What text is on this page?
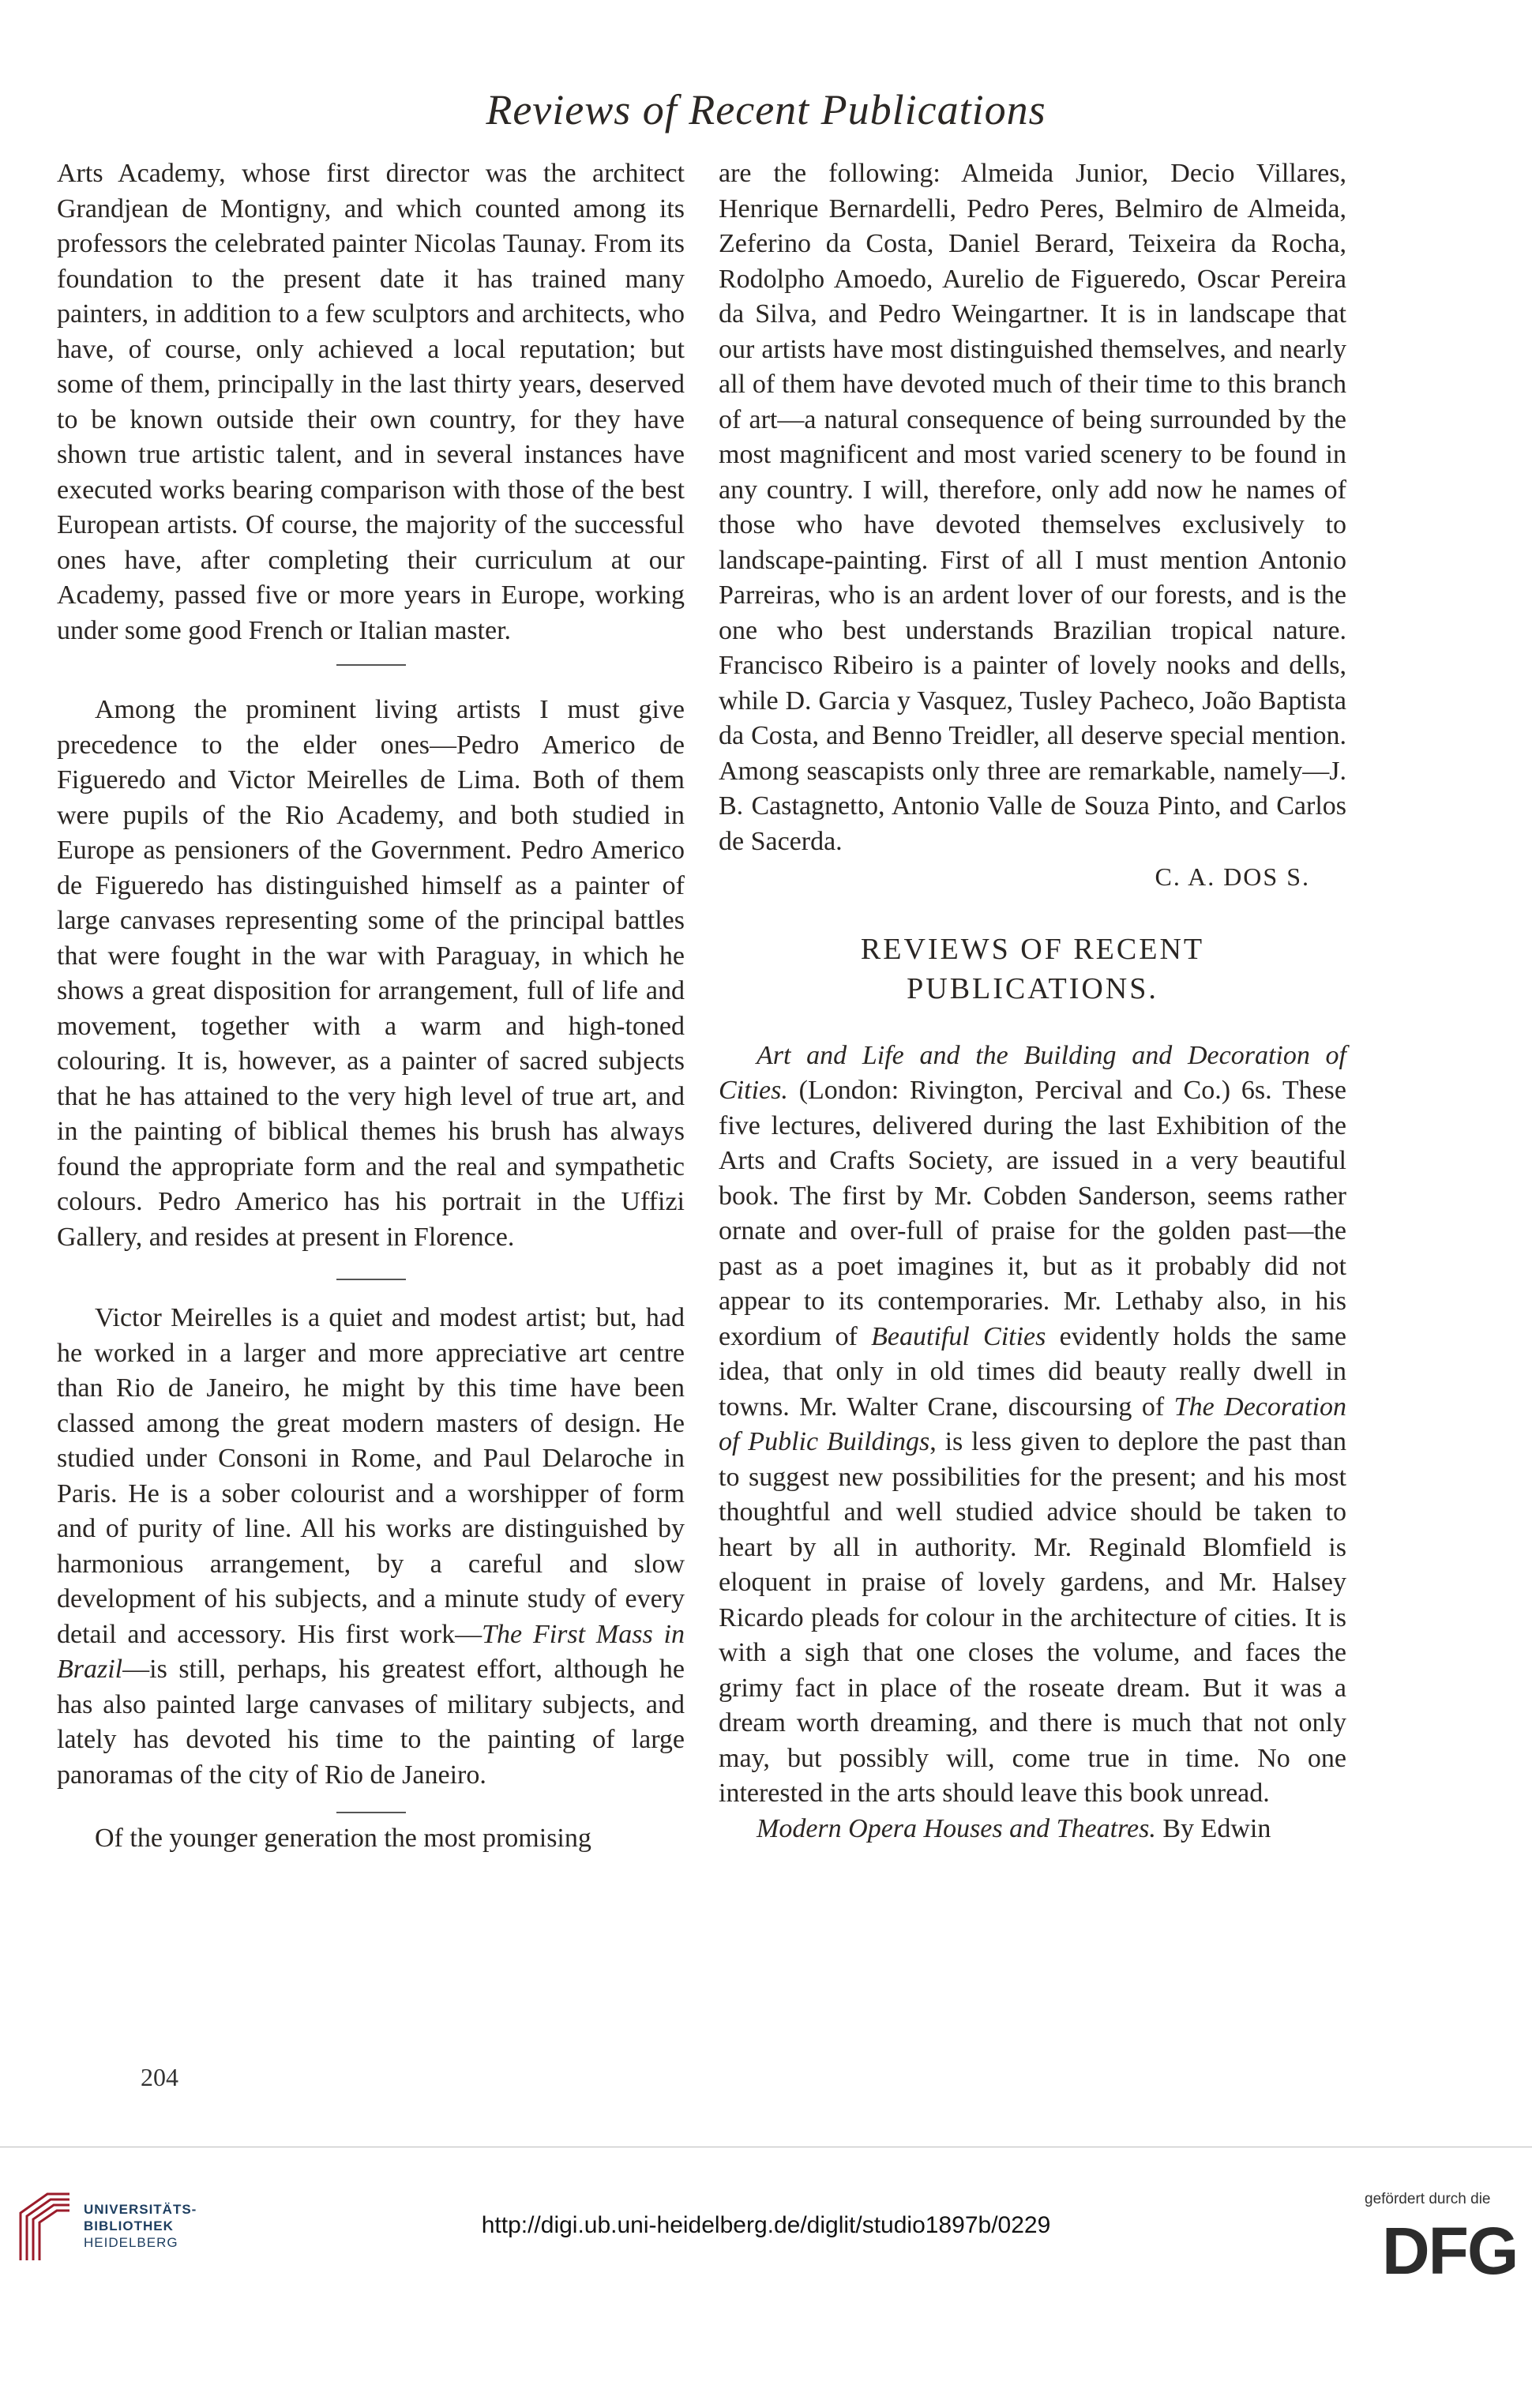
Reviews of Recent Publications

Arts Academy, whose first director was the architect Grandjean de Montigny, and which counted among its professors the celebrated painter Nicolas Taunay. From its foundation to the present date it has trained many painters, in addition to a few sculptors and architects, who have, of course, only achieved a local reputation; but some of them, principally in the last thirty years, deserved to be known outside their own country, for they have shown true artistic talent, and in several instances have executed works bearing comparison with those of the best European artists. Of course, the majority of the successful ones have, after completing their curriculum at our Academy, passed five or more years in Europe, working under some good French or Italian master.

Among the prominent living artists I must give precedence to the elder ones—Pedro Americo de Figueredo and Victor Meirelles de Lima. Both of them were pupils of the Rio Academy, and both studied in Europe as pensioners of the Government. Pedro Americo de Figueredo has distinguished himself as a painter of large canvases representing some of the principal battles that were fought in the war with Paraguay, in which he shows a great disposition for arrangement, full of life and movement, together with a warm and high-toned colouring. It is, however, as a painter of sacred subjects that he has attained to the very high level of true art, and in the painting of biblical themes his brush has always found the appropriate form and the real and sympathetic colours. Pedro Americo has his portrait in the Uffizi Gallery, and resides at present in Florence.

Victor Meirelles is a quiet and modest artist; but, had he worked in a larger and more appreciative art centre than Rio de Janeiro, he might by this time have been classed among the great modern masters of design. He studied under Consoni in Rome, and Paul Delaroche in Paris. He is a sober colourist and a worshipper of form and of purity of line. All his works are distinguished by harmonious arrangement, by a careful and slow development of his subjects, and a minute study of every detail and accessory. His first work—The First Mass in Brazil—is still, perhaps, his greatest effort, although he has also painted large canvases of military subjects, and lately has devoted his time to the painting of large panoramas of the city of Rio de Janeiro.

Of the younger generation the most promising

are the following: Almeida Junior, Decio Villares, Henrique Bernardelli, Pedro Peres, Belmiro de Almeida, Zeferino da Costa, Daniel Berard, Teixeira da Rocha, Rodolpho Amoedo, Aurelio de Figueredo, Oscar Pereira da Silva, and Pedro Weingartner. It is in landscape that our artists have most distinguished themselves, and nearly all of them have devoted much of their time to this branch of art—a natural consequence of being surrounded by the most magnificent and most varied scenery to be found in any country. I will, therefore, only add now he names of those who have devoted themselves exclusively to landscape-painting. First of all I must mention Antonio Parreiras, who is an ardent lover of our forests, and is the one who best understands Brazilian tropical nature. Francisco Ribeiro is a painter of lovely nooks and dells, while D. Garcia y Vasquez, Tusley Pacheco, João Baptista da Costa, and Benno Treidler, all deserve special mention. Among seascapists only three are remarkable, namely—J. B. Castagnetto, Antonio Valle de Souza Pinto, and Carlos de Sacerda.

C. A. DOS S.
REVIEWS OF RECENT
PUBLICATIONS.

Art and Life and the Building and Decoration of Cities. (London: Rivington, Percival and Co.) 6s. These five lectures, delivered during the last Exhibition of the Arts and Crafts Society, are issued in a very beautiful book. The first by Mr. Cobden Sanderson, seems rather ornate and over-full of praise for the golden past—the past as a poet imagines it, but as it probably did not appear to its contemporaries. Mr. Lethaby also, in his exordium of Beautiful Cities evidently holds the same idea, that only in old times did beauty really dwell in towns. Mr. Walter Crane, discoursing of The Decoration of Public Buildings, is less given to deplore the past than to suggest new possibilities for the present; and his most thoughtful and well studied advice should be taken to heart by all in authority. Mr. Reginald Blomfield is eloquent in praise of lovely gardens, and Mr. Halsey Ricardo pleads for colour in the architecture of cities. It is with a sigh that one closes the volume, and faces the grimy fact in place of the roseate dream. But it was a dream worth dreaming, and there is much that not only may, but possibly will, come true in time. No one interested in the arts should leave this book unread.

Modern Opera Houses and Theatres. By Edwin

204
UNIVERSITÄTS-
BIBLIOTHEK
HEIDELBERG
http://digi.ub.uni-heidelberg.de/diglit/studio1897b/0229
gefördert durch die
DFG
